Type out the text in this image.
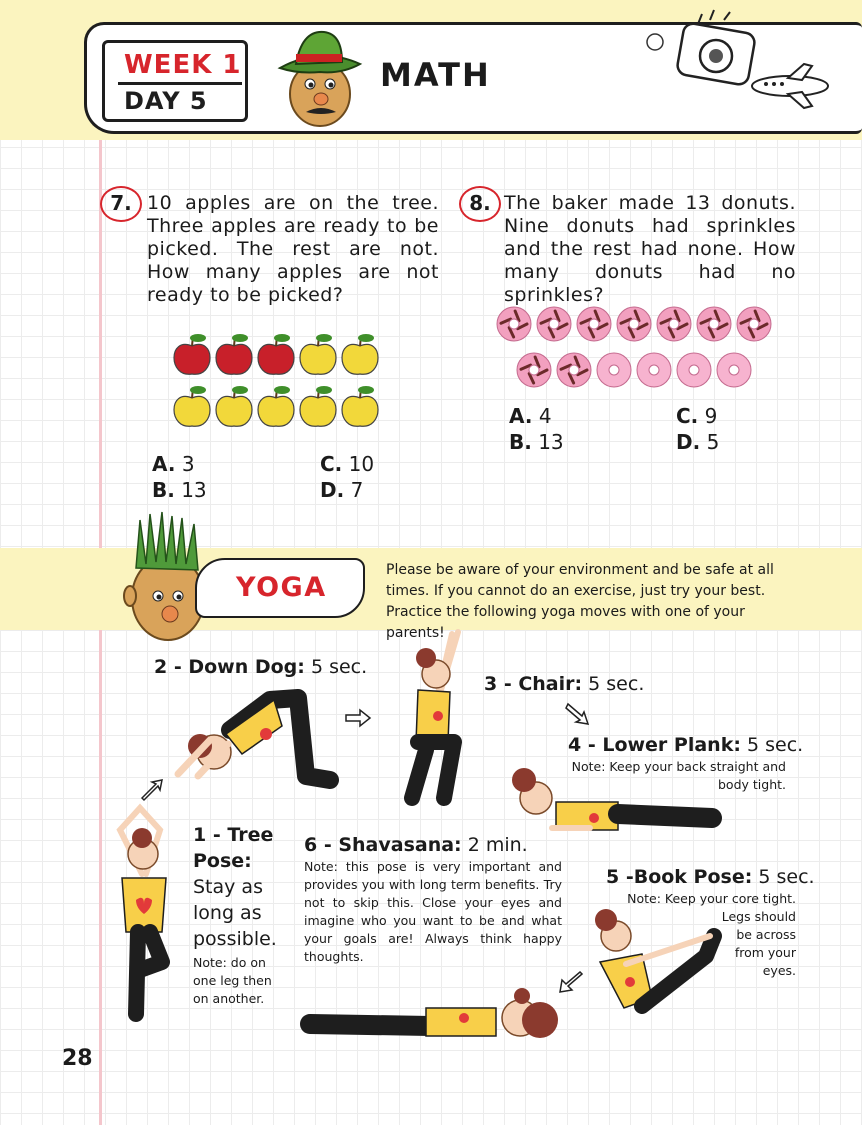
WEEK 1
DAY 5
MATH
7. 10 apples are on the tree. Three apples are ready to be picked. The rest are not. How many apples are not ready to be picked?
A. 3
B. 13
C. 10
D. 7
8. The baker made 13 donuts. Nine donuts had sprinkles and the rest had none. How many donuts had no sprinkles?
A. 4
B. 13
C. 9
D. 5
YOGA
Please be aware of your environment and be safe at all times. If you cannot do an exercise, just try your best. Practice the following yoga moves with one of your parents!
2 - Down Dog: 5 sec.
3 - Chair: 5 sec.
4 - Lower Plank: 5 sec.
Note: Keep your back straight and
body tight.
1 - Tree
Pose:
Stay as
long as
possible.
Note: do on
one leg then
on another.
6 - Shavasana: 2 min.
Note: this pose is very important and provides you with long term benefits. Try not to skip this. Close your eyes and imagine who you want to be and what your goals are! Always think happy thoughts.
5 -Book Pose: 5 sec.
Note: Keep your core tight.
Legs should
be across
from your
eyes.
28
